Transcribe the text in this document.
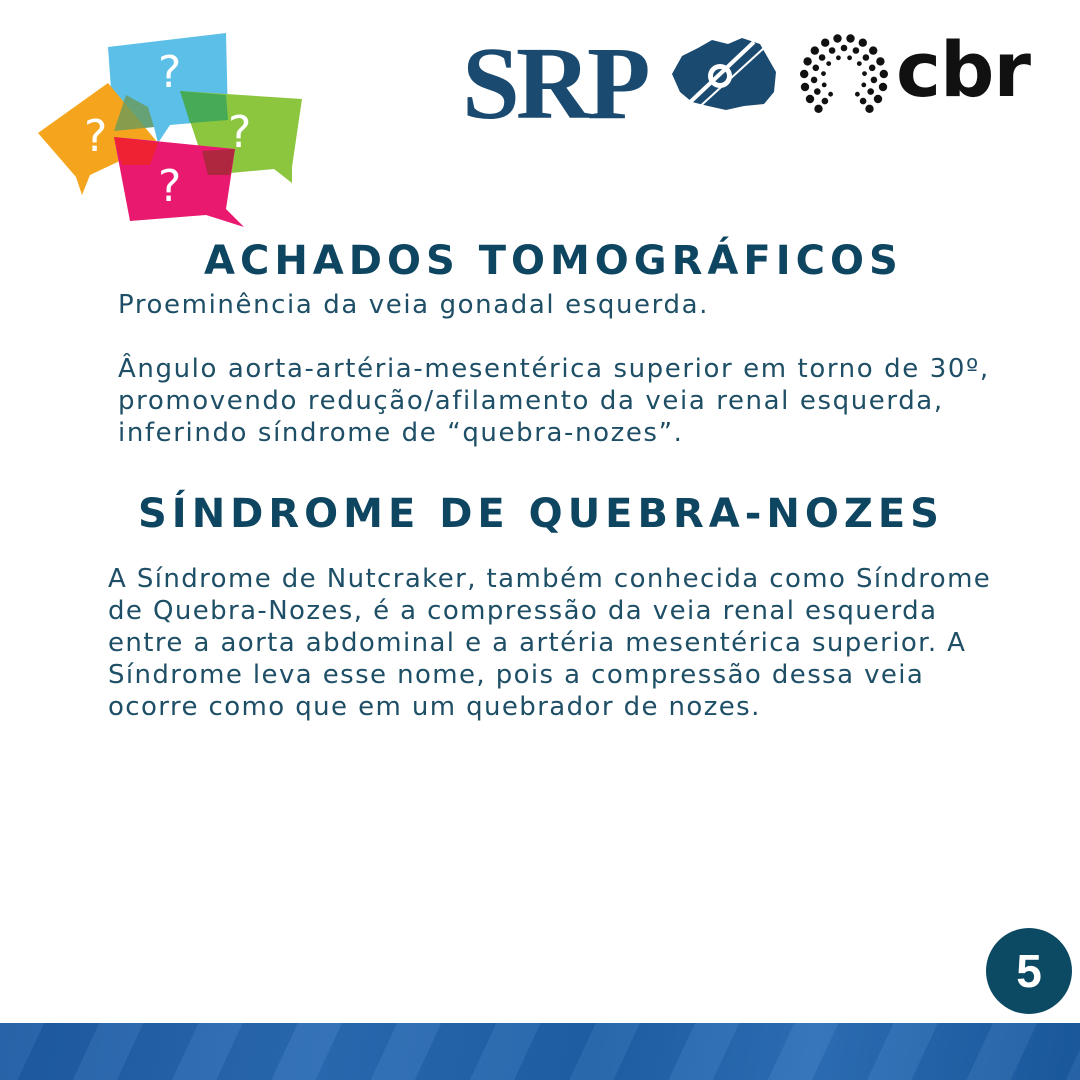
?
?	?
?
SRP	cbr
ACHADOS TOMOGRÁFICOS

Proeminência da veia gonadal esquerda.

Ângulo aorta-artéria-mesentérica superior em torno de 30º, promovendo redução/afilamento da veia renal esquerda, inferindo síndrome de “quebra-nozes”.

SÍNDROME DE QUEBRA-NOZES

A Síndrome de Nutcraker, também conhecida como Síndrome de Quebra-Nozes, é a compressão da veia renal esquerda entre a aorta abdominal e a artéria mesentérica superior. A Síndrome leva esse nome, pois a compressão dessa veia ocorre como que em um quebrador de nozes.

5
